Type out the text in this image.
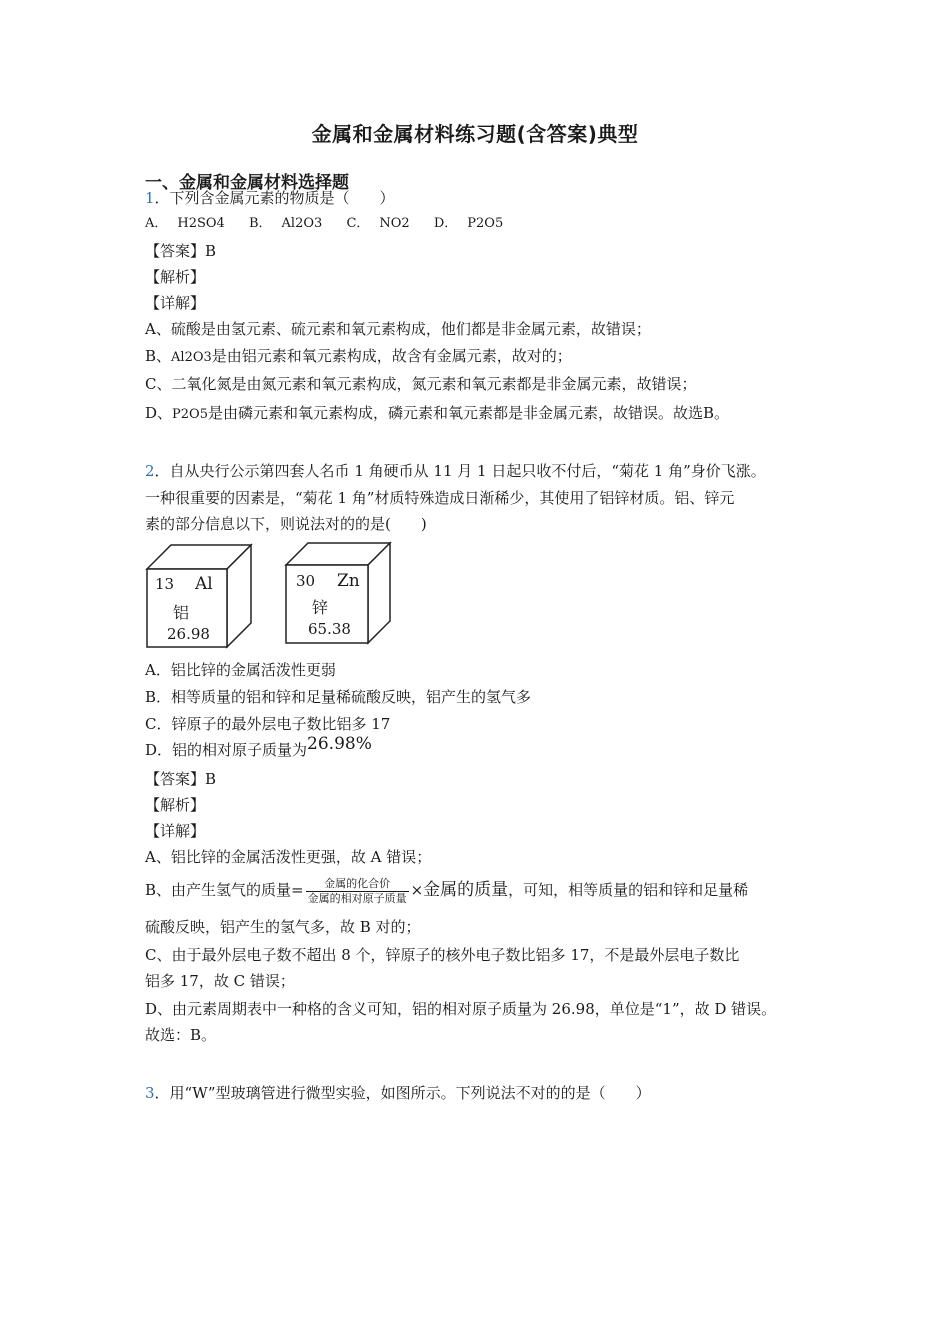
金属和金属材料练习题(含答案)典型
一、金属和金属材料选择题
1．下列含金属元素的物质是（　　）
A． H2SO4 B． Al2O3 C． NO2 D． P2O5
【答案】B
【解析】
【详解】
A、硫酸是由氢元素、硫元素和氧元素构成，他们都是非金属元素，故错误；
B、Al2O3是由铝元素和氧元素构成，故含有金属元素，故对的；
C、二氧化氮是由氮元素和氧元素构成，氮元素和氧元素都是非金属元素，故错误；
D、P2O5是由磷元素和氧元素构成，磷元素和氧元素都是非金属元素，故错误。故选B。
2．自从央行公示第四套人名币 1 角硬币从 11 月 1 日起只收不付后，“菊花 1 角”身价飞涨。
一种很重要的因素是，“菊花 1 角”材质特殊造成日渐稀少，其使用了铝锌材质。铝、锌元
素的部分信息以下，则说法对的的是(　　)
13 Al
铝
26.98
30 Zn
锌
65.38
A．铝比锌的金属活泼性更弱
B．相等质量的铝和锌和足量稀硫酸反映，铝产生的氢气多
C．锌原子的最外层电子数比铝多 17
D．铝的相对原子质量为26.98%
【答案】B
【解析】
【详解】
A、铝比锌的金属活泼性更强，故 A 错误；
B、由产生氢气的质量= $\frac{\text{金属的化合价}}{\text{金属的相对原子质量}}$ ×金属的质量，可知，相等质量的铝和锌和足量稀
硫酸反映，铝产生的氢气多，故 B 对的；
C、由于最外层电子数不超出 8 个，锌原子的核外电子数比铝多 17，不是最外层电子数比
铝多 17，故 C 错误；
D、由元素周期表中一种格的含义可知，铝的相对原子质量为 26.98，单位是“1”，故 D 错误。
故选：B。
3．用“W”型玻璃管进行微型实验，如图所示。下列说法不对的的是（　　）
